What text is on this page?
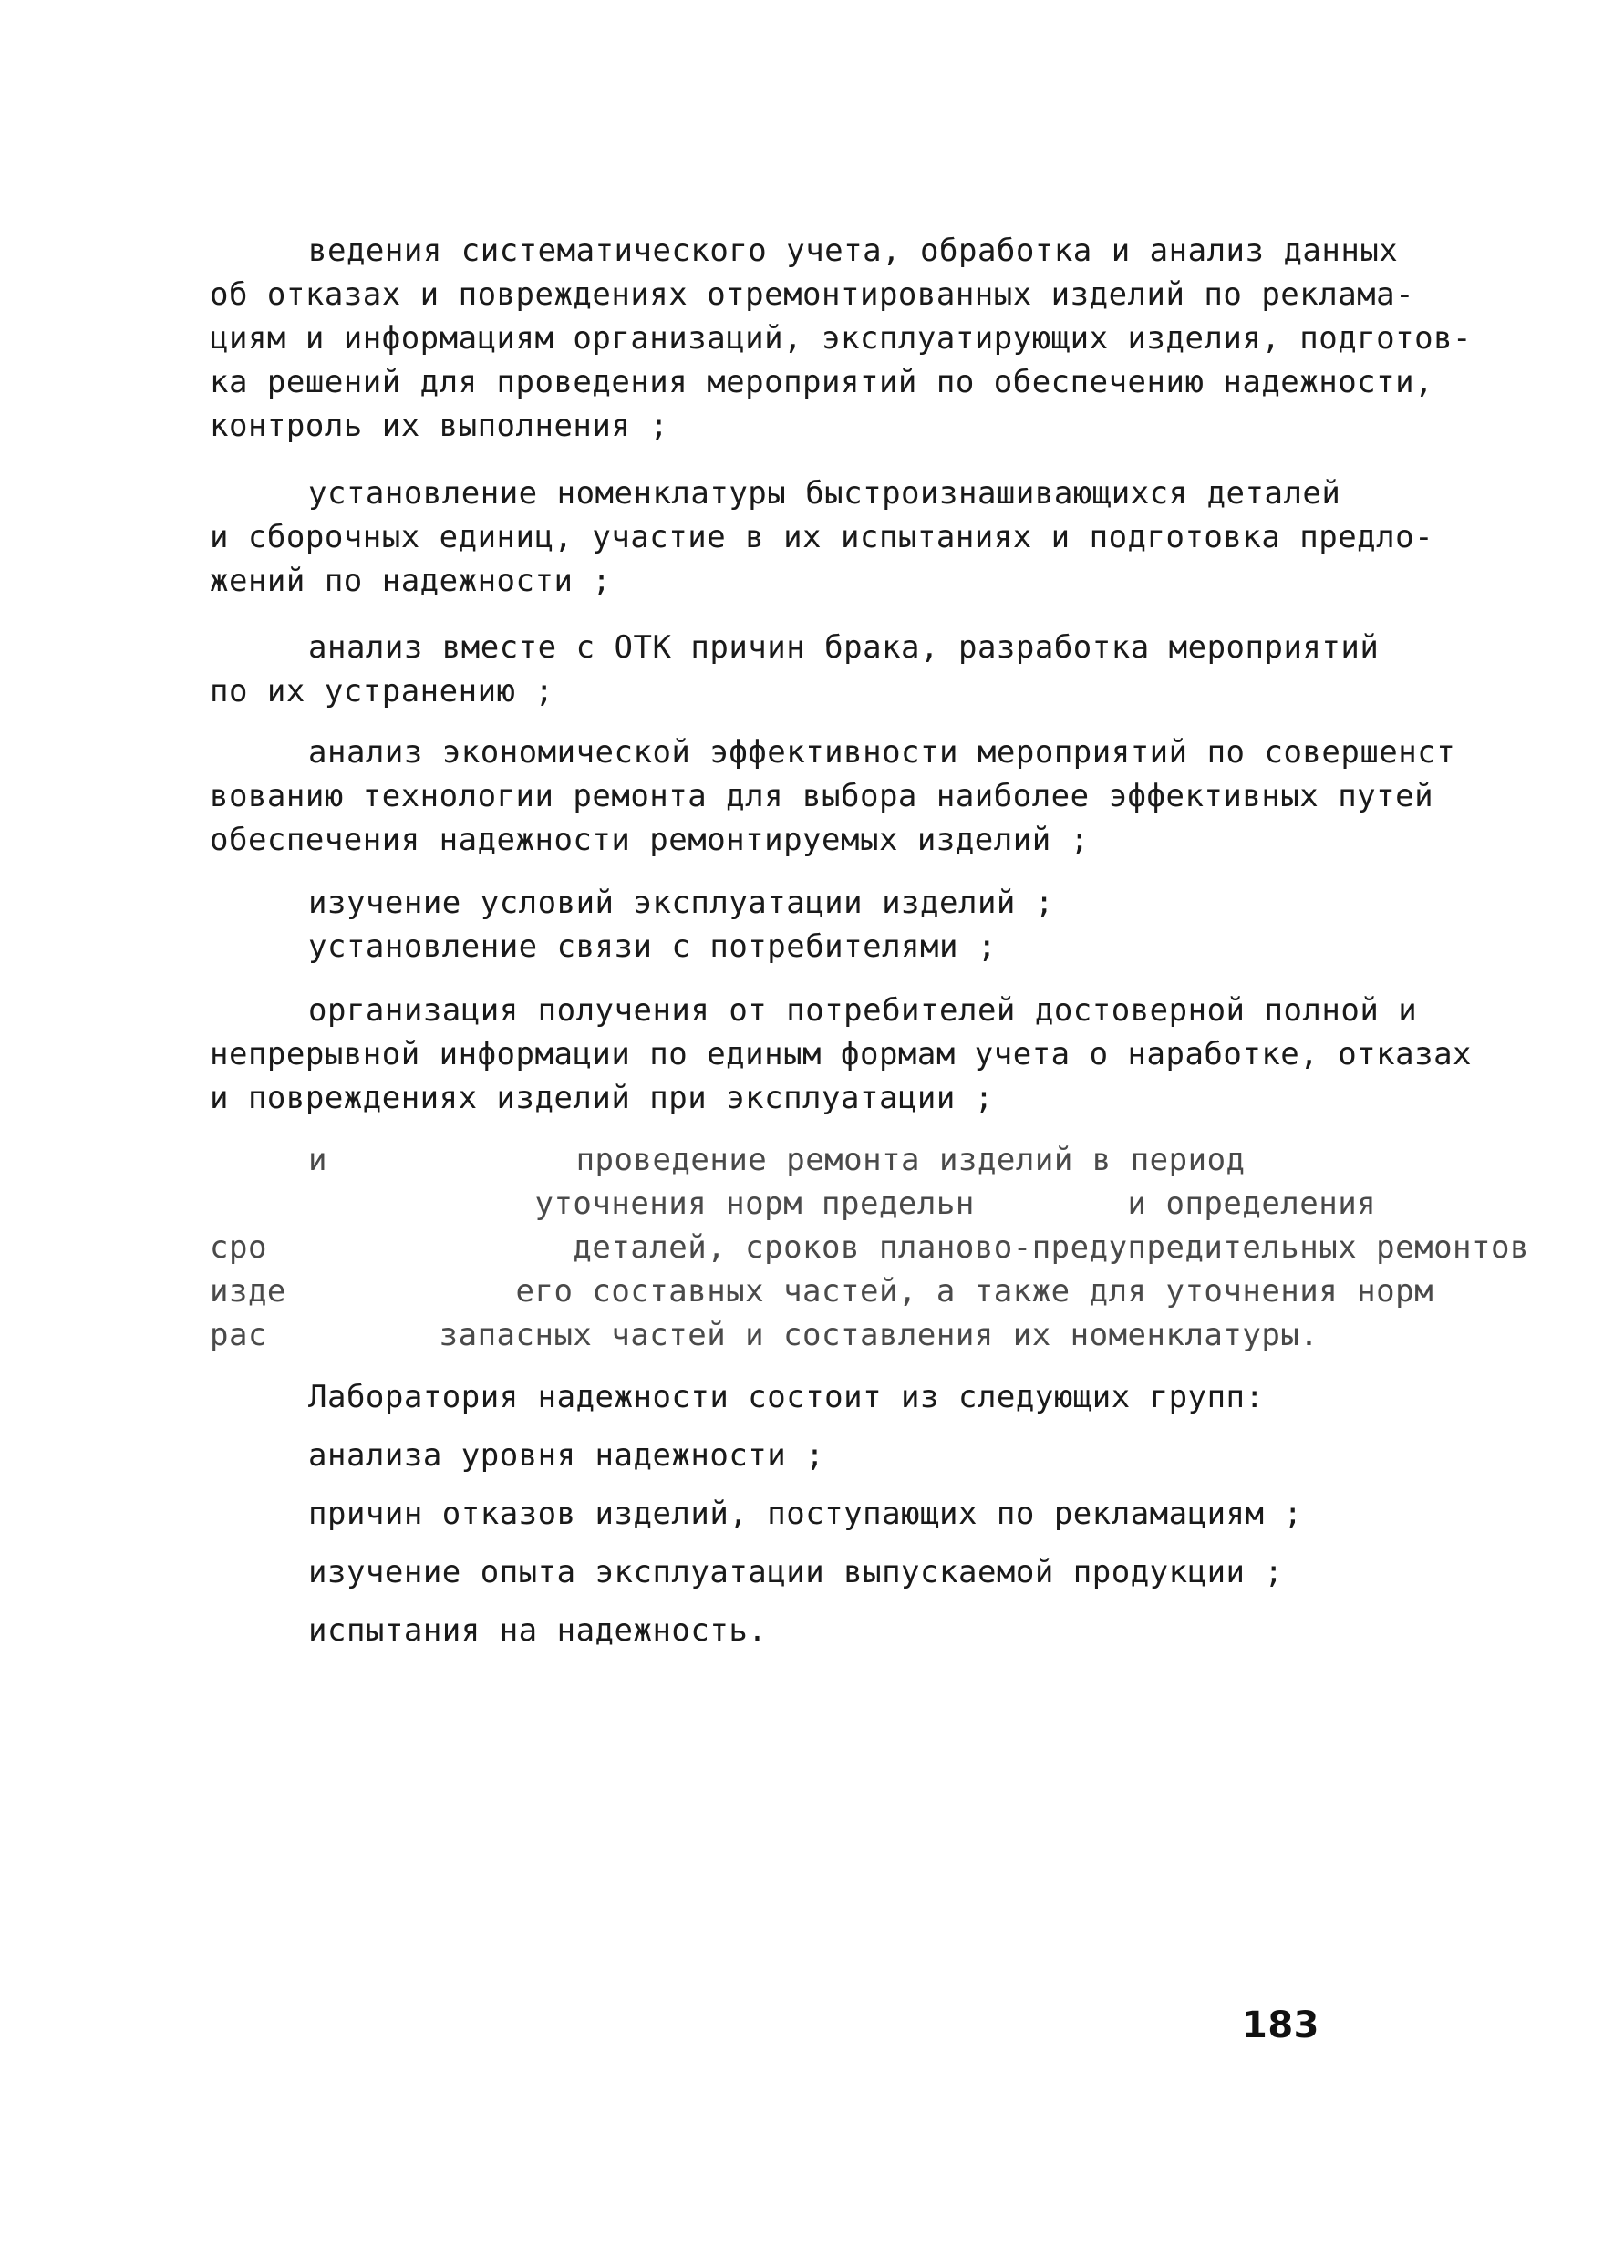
ведения систематического учета, обработка и анализ данных
об отказах и повреждениях отремонтированных изделий по реклама-
циям и информациям организаций, эксплуатирующих изделия, подготов-
ка решений для проведения мероприятий по обеспечению надежности,
контроль их выполнения ;
установление номенклатуры быстроизнашивающихся деталей
и сборочных единиц, участие в их испытаниях и подготовка предло-
жений по надежности ;
анализ вместе с ОТК причин брака, разработка мероприятий
по их устранению ;
анализ экономической эффективности мероприятий по совершенст
вованию технологии ремонта для выбора наиболее эффективных путей
обеспечения надежности ремонтируемых изделий ;
изучение условий эксплуатации изделий ;
установление связи с потребителями ;
организация получения от потребителей достоверной полной и
непрерывной информации по единым формам учета о наработке, отказах
и повреждениях изделий при эксплуатации ;
и             проведение ремонта изделий в период
уточнения норм предельн        и определения
сро                деталей, сроков планово-предупредительных ремонтов
изде            его составных частей, а также для уточнения норм
рас         запасных частей и составления их номенклатуры.
Лаборатория надежности состоит из следующих групп:
анализа уровня надежности ;
причин отказов изделий, поступающих по рекламациям ;
изучение опыта эксплуатации выпускаемой продукции ;
испытания на надежность.
183
